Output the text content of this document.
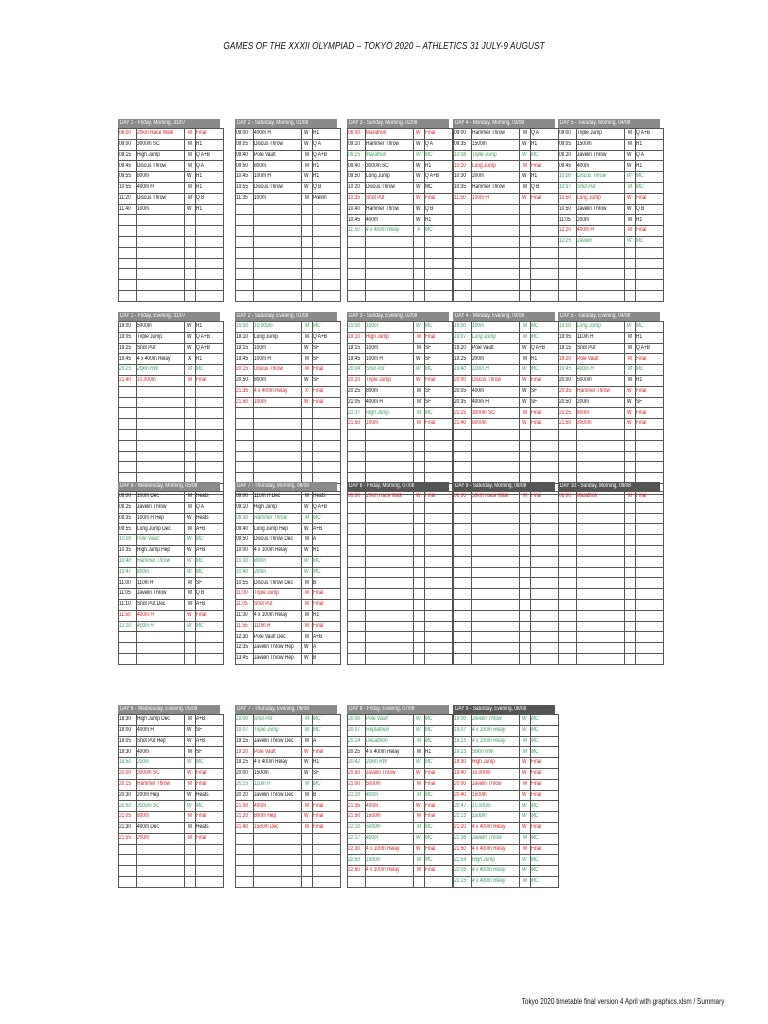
GAMES OF THE XXXII OLYMPIAD – TOKYO 2020 – ATHLETICS 31 JULY-9 AUGUST
DAY 1 - Friday, Morning, 31/07
06:00	20km Race Walk	M	Final
09:00	3000m SC	M	R1
09:15	High Jump	M	Q A+B
09:45	Discus Throw	M	Q A
09:55	800m	W	R1
10:55	400m H	M	R1
11:20	Discus Throw	M	Q B
11:40	100m	W	R1

DAY 2 - Saturday, Morning, 01/08
09:00	400m H	W	R1
09:05	Discus Throw	W	Q A
09:40	Pole Vault	M	Q A+B
09:50	800m	M	R1
10:45	100m H	W	R1
10:55	Discus Throw	W	Q B
11:35	100m	M	Prelim

DAY 3 - Sunday, Morning, 02/08
06:00	Marathon	W	Final
09:10	Hammer Throw	W	Q A
09:25	Marathon	W	MC
09:40	3000m SC	W	R1
09:50	Long Jump	W	Q A+B
10:20	Discus Throw	W	MC
10:35	Shot Put	W	Final
10:40	Hammer Throw	W	Q B
10:45	400m	W	R1
11:50	4 x 400m Relay	X	MC

DAY 4 - Monday, Morning, 03/08
09:00	Hammer Throw	M	Q A
09:35	1500m	W	R1
10:08	Triple Jump	W	MC
10:20	Long Jump	M	Final
10:30	200m	W	R1
10:35	Hammer Throw	M	Q B
11:50	100m H	W	Final

DAY 5 - Tuesday, Morning, 04/08
09:00	Triple Jump	M	Q A+B
09:05	1500m	M	R1
09:20	Javelin Throw	W	Q A
09:45	400m	W	R1
10:00	Discus Throw	W	MC
10:37	Shot Put	M	MC
10:50	Long Jump	W	Final
10:50	Javelin Throw	W	Q B
11:05	200m	M	R1
12:20	400m H	M	Final
12:25	Javelin	W	MC

DAY 1 - Friday, Evening, 31/07
19:00	5000m	W	R1
19:05	Triple Jump	W	Q A+B
19:25	Shot Put	W	Q A+B
19:45	4 x 400m Relay	X	R1
20:25	20km RW	M	MC
21:40	10,000m	M	Final

DAY 2 - Saturday, Evening, 01/08
19:00	10,000m	M	MC
19:10	Long Jump	M	Q A+B
19:15	100m	W	SF
19:45	100m H	M	SF
20:15	Discus Throw	M	Final
20:50	800m	W	SF
21:35	4 x 400m Relay	X	Final
21:50	100m	W	Final

DAY 3 - Sunday, Evening, 02/08
19:00	100m	W	MC
19:10	High Jump	M	Final
19:15	100m	M	SF
19:45	100m H	W	SF
20:04	Shot Put	W	MC
20:20	Triple Jump	W	Final
20:25	800m	M	SF
21:05	400m H	M	SF
21:37	High Jump	M	MC
21:50	100m	M	Final

DAY 4 - Monday, Evening, 03/08
19:00	100m	M	MC
19:07	Long Jump	M	MC
19:20	Pole Vault	W	Q A+B
19:25	200m	M	R1
19:40	100m H	W	MC
20:00	Discus Throw	W	Final
20:05	400m	W	SF
20:35	400m H	W	SF
21:15	3000m SC	M	Final
21:40	5000m	W	Final

DAY 5 - Tuesday, Evening, 04/08
19:00	Long Jump	W	MC
19:05	110m H	M	R1
19:15	Shot Put	M	Q A+B
19:20	Pole Vault	M	Final
19:45	400m H	M	MC
20:00	5000m	M	R1
20:35	Hammer Throw	W	Final
20:50	200m	W	SF
21:25	800m	W	Final
21:50	3000m	W	Final

DAY 6 - Wednesday, Morning, 05/08
09:00	100m Dec	M	Heats
09:25	Javelin Throw	M	Q A
09:35	100m H Hep	W	Heats
09:55	Long Jump Dec	M	A+B
10:00	Pole Vault	W	MC
10:35	High Jump Hep	W	A+B
10:40	Hammer Throw	W	MC
10:47	800m	W	MC
11:00	110m H	M	SF
11:05	Javelin Throw	M	Q B
11:10	Shot Put Dec	M	A+B
11:50	400m H	W	Final
12:10	400m H	W	MC

DAY 7 - Thursday, Morning, 06/08
09:00	110m H Dec	M	Heats
09:10	High Jump	W	Q A+B
09:30	Hammer Throw	M	MC
09:40	Long Jump Hep	W	A+B
09:50	Discus Throw Dec	M	A
10:00	4 x 100m Relay	W	R1
10:30	800m	W	MC
10:40	200m	W	MC
10:55	Discus Throw Dec	M	B
11:00	Triple Jump	M	Final
11:05	Shot Put	M	Final
11:30	4 x 100m Relay	M	R1
11:55	110m H	M	Final
12:30	Pole Vault Dec	M	A+B
12:35	Javelin Throw Hep	W	A
13:45	Javelin Throw Hep	W	B
DAY 8 - Friday, Morning, 07/08
06:00	20km Race Walk	W	Final

DAY 9 - Saturday, Morning, 08/08
06:30	50km Race Walk	M	Final

DAY 10 - Sunday, Morning, 09/08
06:00	Marathon	M	Final

DAY 6 - Wednesday, Evening, 05/08
18:30	High Jump Dec	M	A+B
19:00	400m H	W	SF
19:05	Shot Put Hep	W	A+B
19:30	400m	M	SF
19:50	200m	W	MC
20:00	3000m SC	W	Final
20:15	Hammer Throw	M	Final
20:30	200m Hep	W	Heats
20:50	3000m SC	W	MC
21:05	800m	M	Final
21:30	400m Dec	M	Heats
21:55	200m	M	Final

DAY 7 - Thursday, Evening, 06/08
19:00	Shot Put	M	MC
19:07	Triple Jump	M	MC
19:15	Javelin Throw Dec	M	A
19:20	Pole Vault	W	Final
19:25	4 x 400m Relay	W	R1
20:00	1500m	W	SF
20:15	110m H	M	MC
20:20	Javelin Throw Dec	M	B
21:00	400m	M	Final
21:20	800m Hep	W	Final
21:40	1500m Dec	M	Final

DAY 8 - Friday, Evening, 07/08
20:00	Pole Vault	W	MC
20:07	Heptathlon	W	MC
20:14	Decathlon	M	MC
20:25	4 x 400m Relay	M	R1
20:42	20km RW	W	MC
20:50	Javelin Throw	W	Final
21:00	5000m	M	Final
21:20	400m	M	MC
21:35	400m	W	Final
21:50	1500m	M	Final
22:10	5000m	M	MC
22:17	400m	W	MC
22:30	4 x 100m Relay	W	Final
22:50	1500m	M	MC
22:60	4 x 100m Relay	M	Final

DAY 9 - Saturday, Evening, 08/08
19:00	Javelin Throw	W	MC
19:07	4 x 100m Relay	W	MC
19:15	4 x 100m Relay	M	MC
19:23	50km RW	M	MC
19:30	High Jump	W	Final
19:40	10,000m	W	Final
20:00	Javelin Throw	M	Final
20:40	1500m	W	Final
20:47	10,000m	W	MC
21:13	1500m	W	MC
21:20	4 x 400m Relay	W	Final
21:36	Javelin Throw	M	MC
21:50	4 x 400m Relay	M	Final
21:59	High Jump	W	MC
22:05	4 x 400m Relay	W	MC
22:15	4 x 400m Relay	M	MC
Tokyo 2020 timetable final version 4 April with graphics.xlsm / Summary
